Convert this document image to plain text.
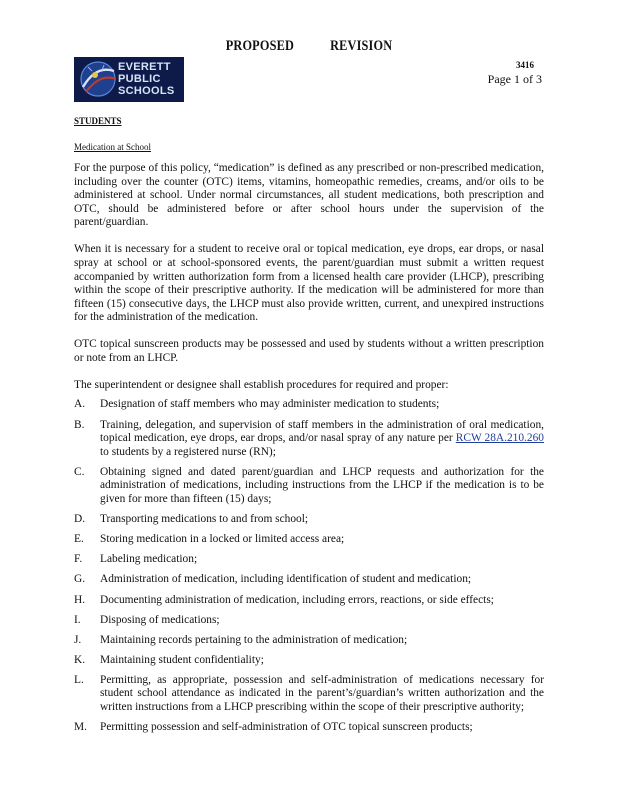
PROPOSED REVISION
EVERETT
PUBLIC
SCHOOLS
3416
Page 1 of 3
STUDENTS
Medication at School

For the purpose of this policy, “medication” is defined as any prescribed or non-prescribed medication, including over the counter (OTC) items, vitamins, homeopathic remedies, creams, and/or oils to be administered at school. Under normal circumstances, all student medications, both prescription and OTC, should be administered before or after school hours under the supervision of the parent/guardian.

When it is necessary for a student to receive oral or topical medication, eye drops, ear drops, or nasal spray at school or at school-sponsored events, the parent/guardian must submit a written request accompanied by written authorization form from a licensed health care provider (LHCP), prescribing within the scope of their prescriptive authority. If the medication will be administered for more than fifteen (15) consecutive days, the LHCP must also provide written, current, and unexpired instructions for the administration of the medication.

OTC topical sunscreen products may be possessed and used by students without a written prescription or note from an LHCP.

The superintendent or designee shall establish procedures for required and proper:

A.	Designation of staff members who may administer medication to students;
B.	Training, delegation, and supervision of staff members in the administration of oral medication, topical medication, eye drops, ear drops, and/or nasal spray of any nature per RCW 28A.210.260 to students by a registered nurse (RN);
C.	Obtaining signed and dated parent/guardian and LHCP requests and authorization for the administration of medications, including instructions from the LHCP if the medication is to be given for more than fifteen (15) days;
D.	Transporting medications to and from school;
E.	Storing medication in a locked or limited access area;
F.	Labeling medication;
G.	Administration of medication, including identification of student and medication;
H.	Documenting administration of medication, including errors, reactions, or side effects;
I.	Disposing of medications;
J.	Maintaining records pertaining to the administration of medication;
K.	Maintaining student confidentiality;
L.	Permitting, as appropriate, possession and self-administration of medications necessary for student school attendance as indicated in the parent’s/guardian’s written authorization and the written instructions from a LHCP prescribing within the scope of their prescriptive authority;
M.	Permitting possession and self-administration of OTC topical sunscreen products;
